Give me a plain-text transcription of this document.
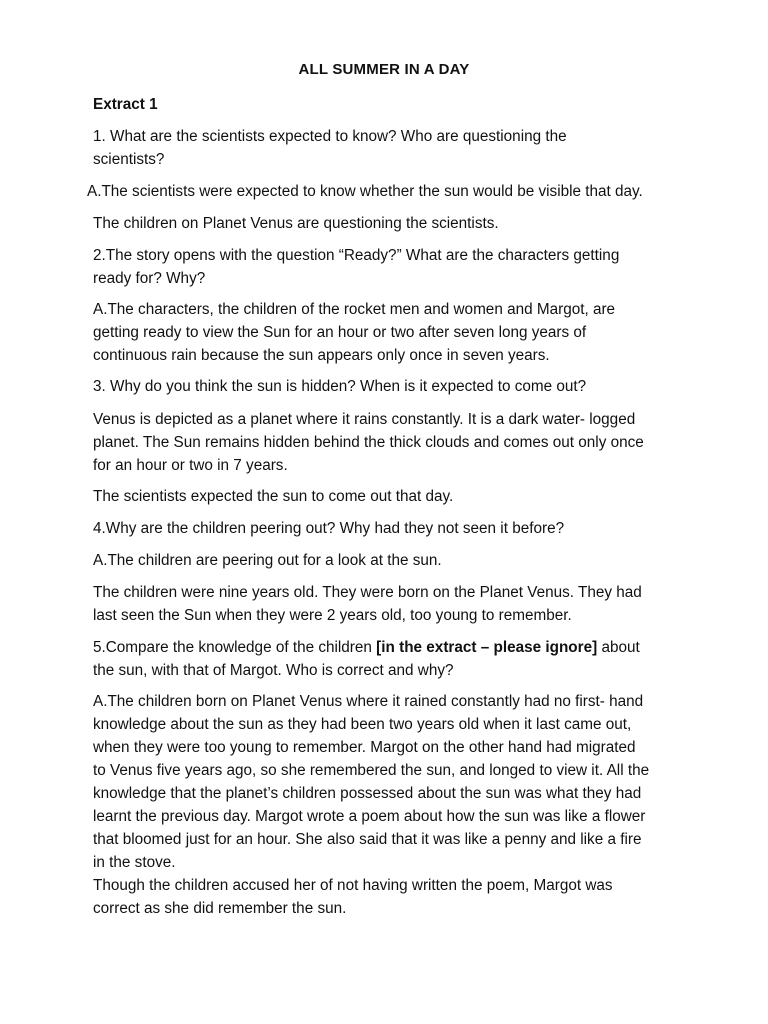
ALL SUMMER IN A DAY
Extract 1
1. What are the scientists expected to know? Who are questioning the
scientists?
A.The scientists were expected to know whether the sun would be visible that day.
The children on Planet Venus are questioning the scientists.
2.The story opens with the question “Ready?” What are the characters getting
ready for? Why?
A.The characters, the children of the rocket men and women and Margot, are
getting ready to view the Sun for an hour or two after seven long years of
continuous rain because the sun appears only once in seven years.
3. Why do you think the sun is hidden? When is it expected to come out?
Venus is depicted as a planet where it rains constantly. It is a dark water- logged
planet. The Sun remains hidden behind the thick clouds and comes out only once
for an hour or two in 7 years.
The scientists expected the sun to come out that day.
4.Why are the children peering out? Why had they not seen it before?
A.The children are peering out for a look at the sun.
The children were nine years old. They were born on the Planet Venus. They had
last seen the Sun when they were 2 years old, too young to remember.
5.Compare the knowledge of the children [in the extract – please ignore] about
the sun, with that of Margot. Who is correct and why?
A.The children born on Planet Venus where it rained constantly had no first- hand
knowledge about the sun as they had been two years old when it last came out,
when they were too young to remember. Margot on the other hand had migrated
to Venus five years ago, so she remembered the sun, and longed to view it. All the
knowledge that the planet’s children possessed about the sun was what they had
learnt the previous day. Margot wrote a poem about how the sun was like a flower
that bloomed just for an hour. She also said that it was like a penny and like a fire
in the stove.
Though the children accused her of not having written the poem, Margot was
correct as she did remember the sun.
